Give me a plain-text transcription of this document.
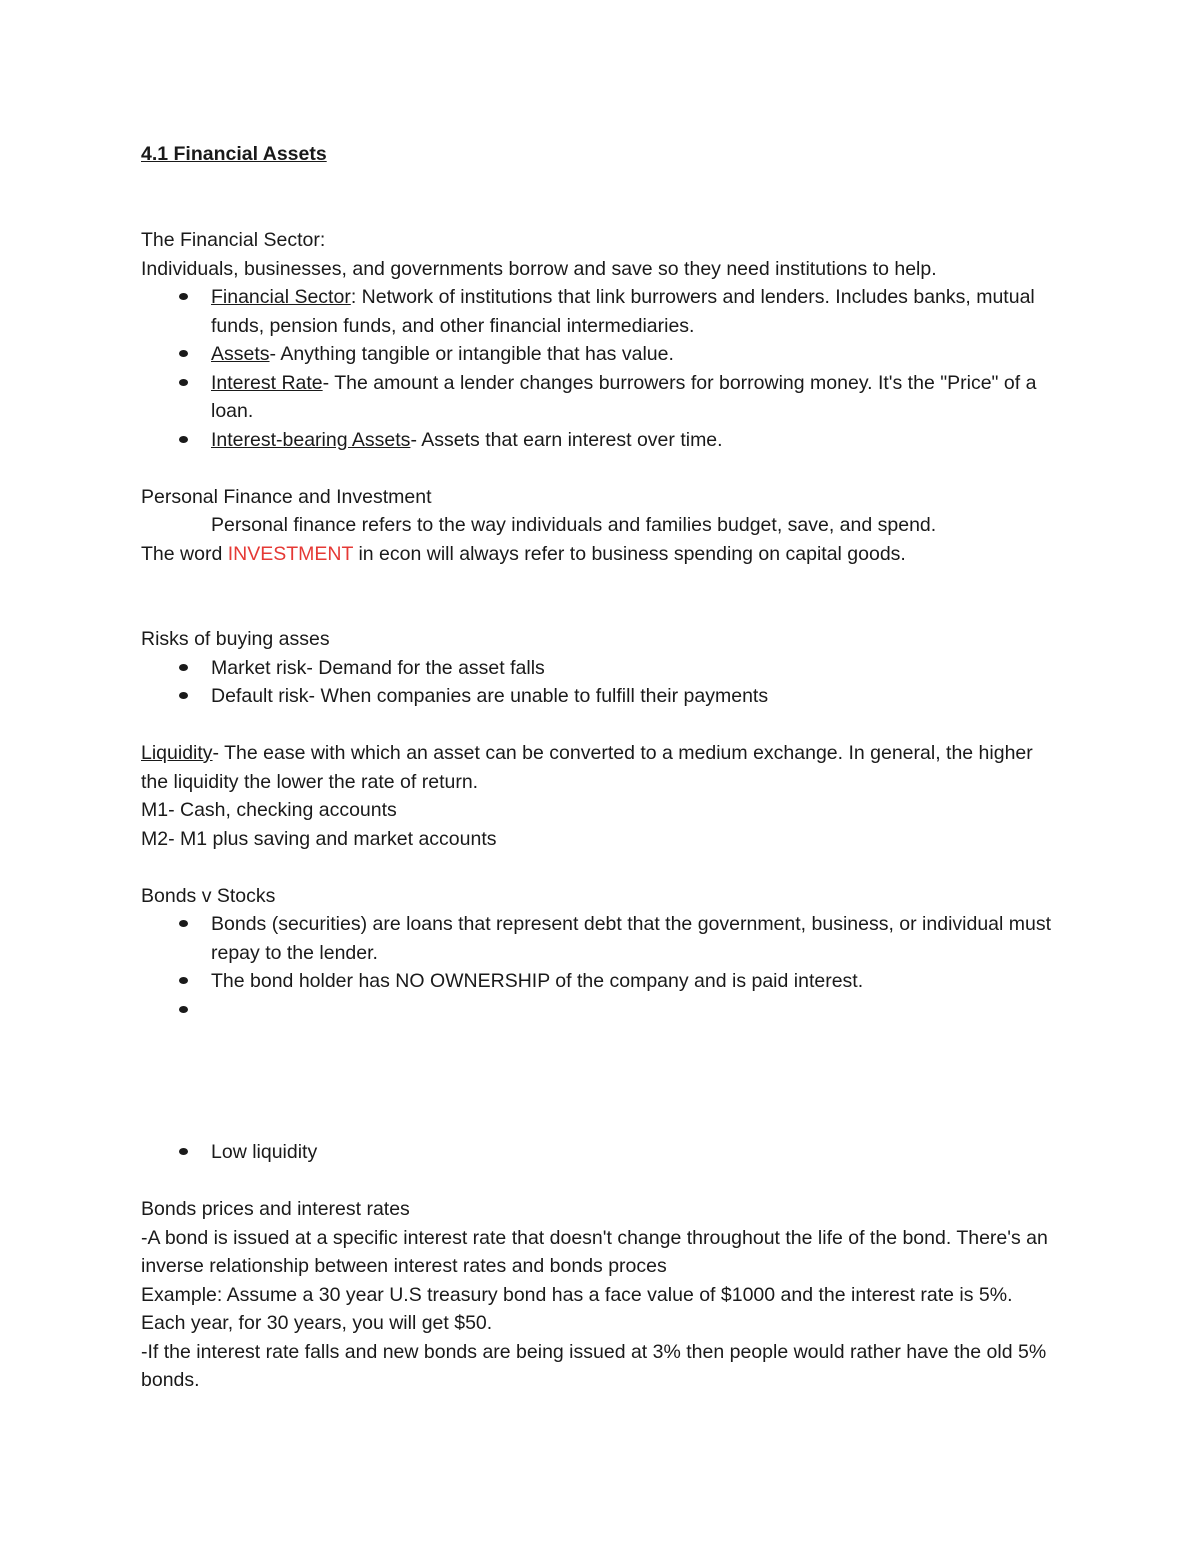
4.1 Financial Assets

The Financial Sector:

Individuals, businesses, and governments borrow and save so they need institutions to help.

Financial Sector: Network of institutions that link burrowers and lenders. Includes banks, mutual funds, pension funds, and other financial intermediaries.
Assets- Anything tangible or intangible that has value.
Interest Rate- The amount a lender changes burrowers for borrowing money. It's the "Price" of a loan.
Interest-bearing Assets- Assets that earn interest over time.

Personal Finance and Investment

Personal finance refers to the way individuals and families budget, save, and spend.

The word INVESTMENT in econ will always refer to business spending on capital goods.

Risks of buying asses

Market risk- Demand for the asset falls
Default risk- When companies are unable to fulfill their payments

Liquidity- The ease with which an asset can be converted to a medium exchange. In general, the higher the liquidity the lower the rate of return.

M1- Cash, checking accounts

M2- M1 plus saving and market accounts

Bonds v Stocks

Bonds (securities) are loans that represent debt that the government, business, or individual must repay to the lender.
The bond holder has NO OWNERSHIP of the company and is paid interest.
Low liquidity

Bonds prices and interest rates

-A bond is issued at a specific interest rate that doesn't change throughout the life of the bond. There's an inverse relationship between interest rates and bonds proces

Example: Assume a 30 year U.S treasury bond has a face value of $1000 and the interest rate is 5%. Each year, for 30 years, you will get $50.

-If the interest rate falls and new bonds are being issued at 3% then people would rather have the old 5% bonds.
